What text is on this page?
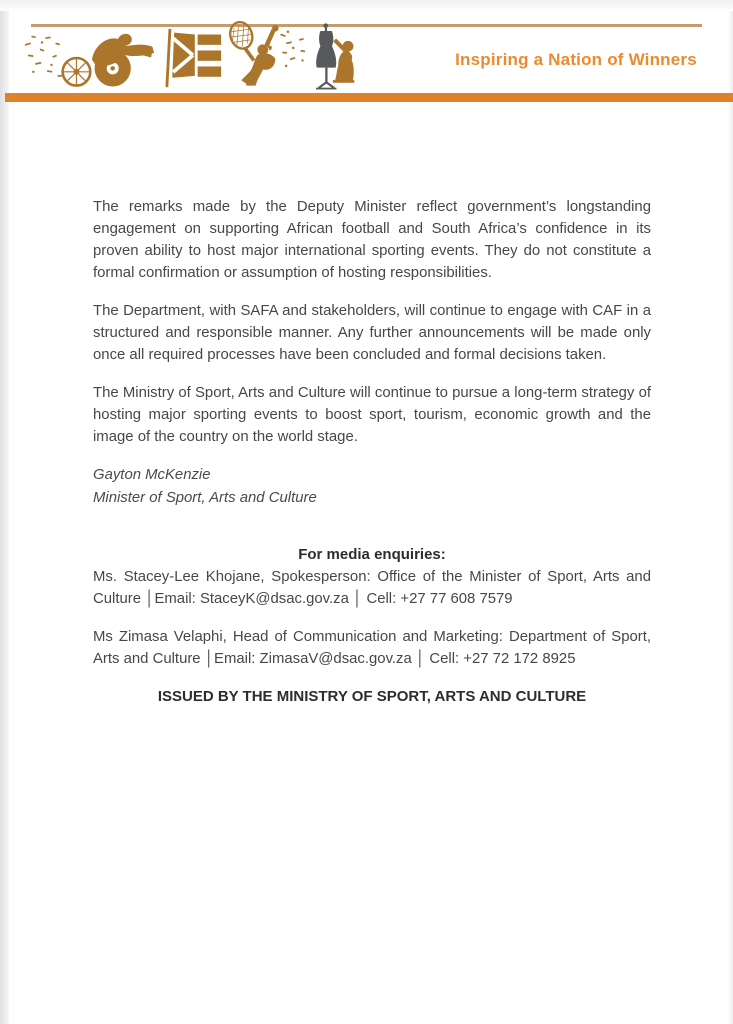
Inspiring a Nation of Winners

The remarks made by the Deputy Minister reflect government’s longstanding engagement on supporting African football and South Africa’s confidence in its proven ability to host major international sporting events. They do not constitute a formal confirmation or assumption of hosting responsibilities.

The Department, with SAFA and stakeholders, will continue to engage with CAF in a structured and responsible manner. Any further announcements will be made only once all required processes have been concluded and formal decisions taken.

The Ministry of Sport, Arts and Culture will continue to pursue a long-term strategy of hosting major sporting events to boost sport, tourism, economic growth and the image of the country on the world stage.

Gayton McKenzie
Minister of Sport, Arts and Culture
For media enquiries:

Ms. Stacey-Lee Khojane, Spokesperson: Office of the Minister of Sport, Arts and Culture │Email: StaceyK@dsac.gov.za │ Cell: +27 77 608 7579

Ms Zimasa Velaphi, Head of Communication and Marketing: Department of Sport, Arts and Culture │Email: ZimasaV@dsac.gov.za │ Cell: +27 72 172 8925

ISSUED BY THE MINISTRY OF SPORT, ARTS AND CULTURE
